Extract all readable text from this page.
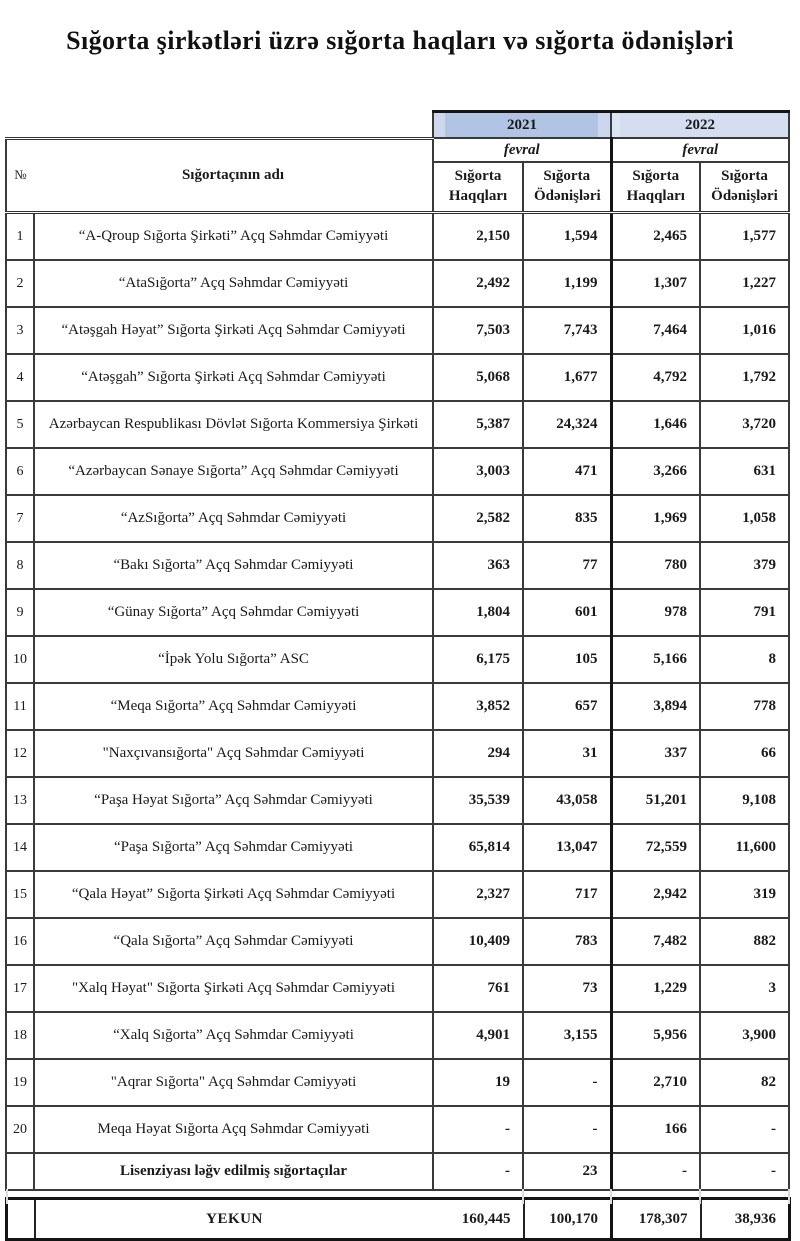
Sığorta şirkətləri üzrə sığorta haqları və sığorta ödənişləri
		2021		2022	

№ Sığortaçının adı		fevral		fevral	
		Sığorta Haqqları	Sığorta Ödənişləri	Sığorta Haqqları	Sığorta Ödənişləri
1	“A-Qroup Sığorta Şirkəti” Açq Səhmdar Cəmiyyəti	2,150	1,594	2,465	1,577
2	“AtaSığorta” Açq Səhmdar Cəmiyyəti	2,492	1,199	1,307	1,227
3	“Atəşgah Həyat” Sığorta Şirkəti Açq Səhmdar Cəmiyyəti	7,503	7,743	7,464	1,016
4	“Atəşgah” Sığorta Şirkəti Açq Səhmdar Cəmiyyəti	5,068	1,677	4,792	1,792
5	Azərbaycan Respublikası Dövlət Sığorta Kommersiya Şirkəti	5,387	24,324	1,646	3,720
6	“Azərbaycan Sənaye Sığorta” Açq Səhmdar Cəmiyyəti	3,003	471	3,266	631
7	“AzSığorta” Açq Səhmdar Cəmiyyəti	2,582	835	1,969	1,058
8	“Bakı Sığorta” Açq Səhmdar Cəmiyyəti	363	77	780	379
9	“Günay Sığorta” Açq Səhmdar Cəmiyyəti	1,804	601	978	791
10	“İpək Yolu Sığorta” ASC	6,175	105	5,166	8
11	“Meqa Sığorta” Açq Səhmdar Cəmiyyəti	3,852	657	3,894	778
12	"Naxçıvansığorta" Açq Səhmdar Cəmiyyəti	294	31	337	66
13	“Paşa Həyat Sığorta” Açq Səhmdar Cəmiyyəti	35,539	43,058	51,201	9,108
14	“Paşa Sığorta” Açq Səhmdar Cəmiyyəti	65,814	13,047	72,559	11,600
15	“Qala Həyat” Sığorta Şirkəti Açq Səhmdar Cəmiyyəti	2,327	717	2,942	319
16	“Qala Sığorta” Açq Səhmdar Cəmiyyəti	10,409	783	7,482	882
17	"Xalq Həyat" Sığorta Şirkəti Açq Səhmdar Cəmiyyəti	761	73	1,229	3
18	“Xalq Sığorta” Açq Səhmdar Cəmiyyəti	4,901	3,155	5,956	3,900
19	"Aqrar Sığorta" Açq Səhmdar Cəmiyyəti	19	-	2,710	82
20	Meqa Həyat Sığorta Açq Səhmdar Cəmiyyəti	-	-	166	-
	Lisenziyası ləğv edilmiş sığortaçılar	-	23	-	-
	YEKUN	160,445	100,170	178,307	38,936
